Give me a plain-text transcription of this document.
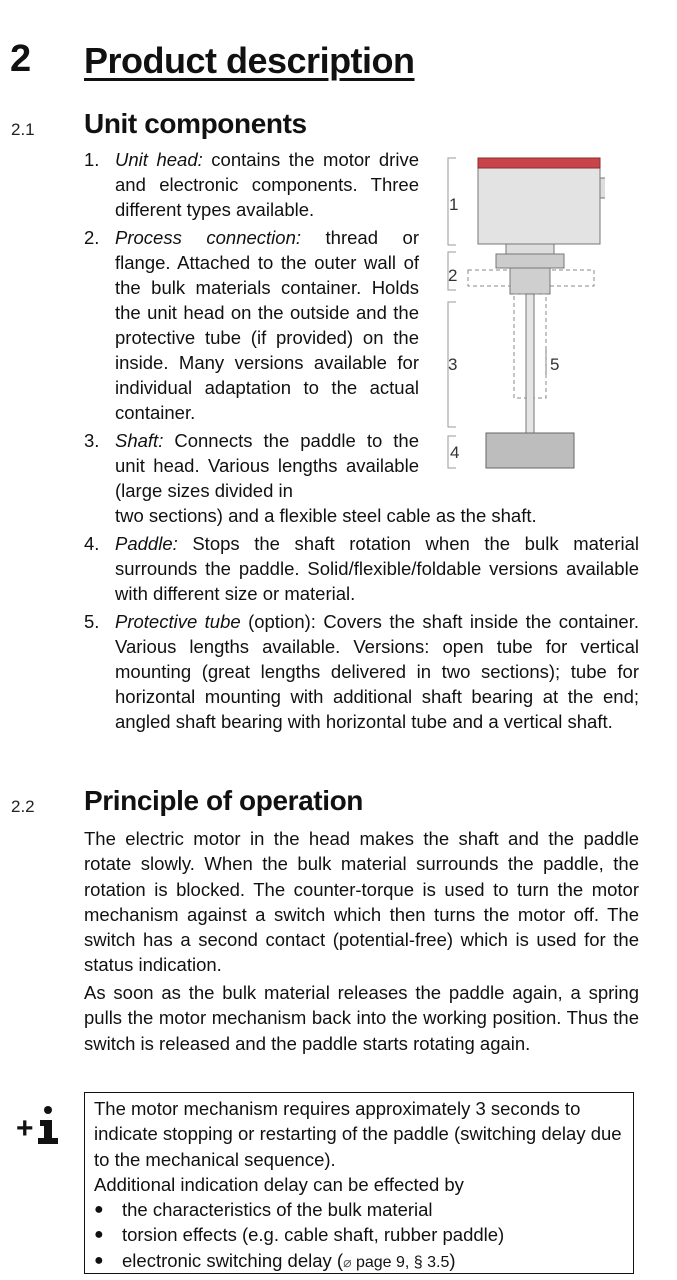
2 Product description
2.1 Unit components
1
2
3
4
5
1. Unit head: contains the motor drive and electronic components. Three different types available.
2. Process connection: thread or flange. Attached to the outer wall of the bulk materials container. Holds the unit head on the outside and the protective tube (if provided) on the inside. Many versions available for individual adaptation to the actual container.
3. Shaft: Connects the paddle to the unit head. Various lengths available (large sizes divided in
two sections) and a flexible steel cable as the shaft.
4. Paddle: Stops the shaft rotation when the bulk material surrounds the paddle. Solid/flexible/foldable versions available with different size or material.
5. Protective tube (option): Covers the shaft inside the container. Various lengths available. Versions: open tube for vertical mounting (great lengths delivered in two sections); tube for horizontal mounting with additional shaft bearing at the end; angled shaft bearing with horizontal tube and a vertical shaft.
2.2 Principle of operation
The electric motor in the head makes the shaft and the paddle rotate slowly. When the bulk material surrounds the paddle, the rotation is blocked. The counter-torque is used to turn the motor mechanism against a switch which then turns the motor off. The switch has a second contact (potential-free) which is used for the status indication.
As soon as the bulk material releases the paddle again, a spring pulls the motor mechanism back into the working position. Thus the switch is released and the paddle starts rotating again.
+
The motor mechanism requires approximately 3 seconds to indicate stopping or restarting of the paddle (switching delay due to the mechanical sequence).
Additional indication delay can be effected by
● the characteristics of the bulk material
● torsion effects (e.g. cable shaft, rubber paddle)
● electronic switching delay (⌀ page 9, § 3.5)
